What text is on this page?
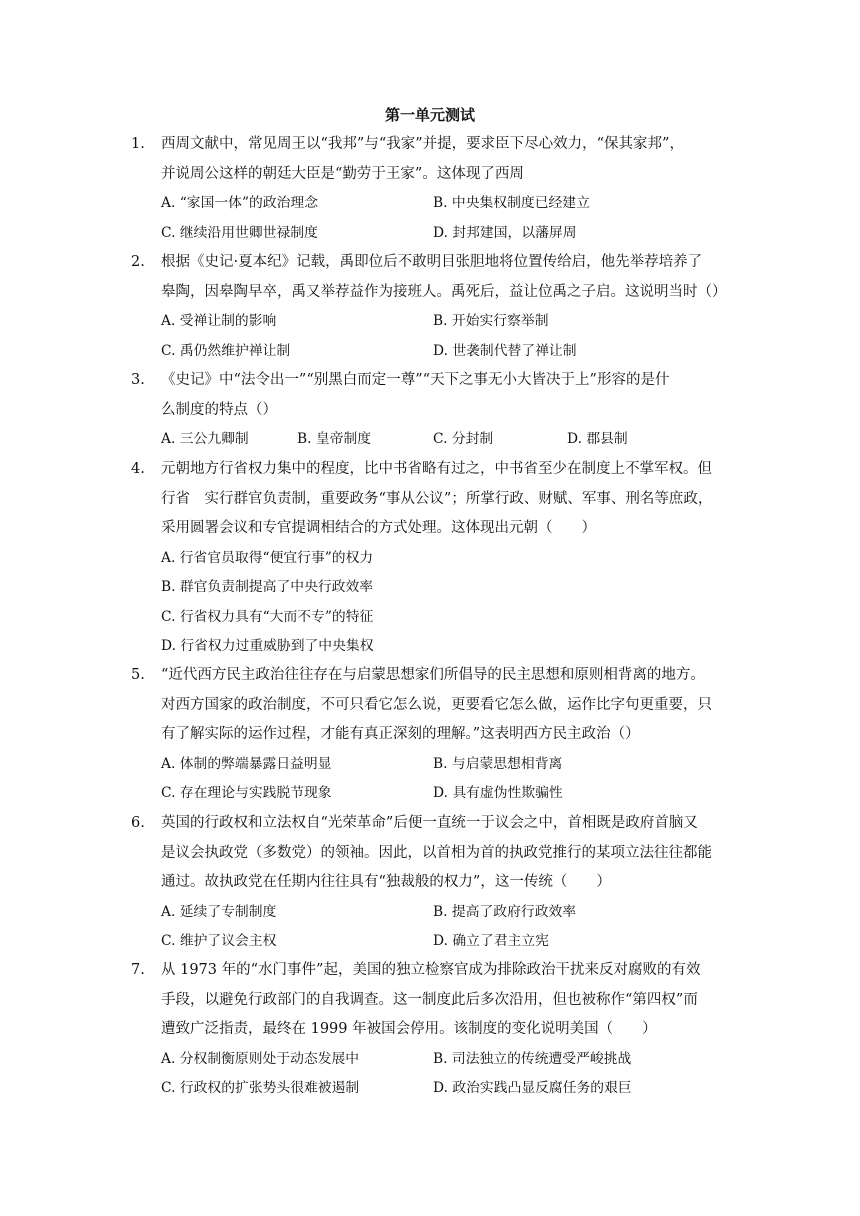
第一单元测试
1. 西周文献中，常见周王以“我邦”与“我家”并提，要求臣下尽心效力，“保其家邦”，
并说周公这样的朝廷大臣是“勤劳于王家”。这体现了西周
A. “家国一体”的政治理念	B. 中央集权制度已经建立
C. 继续沿用世卿世禄制度	D. 封邦建国，以藩屏周
2. 根据《史记·夏本纪》记载，禹即位后不敢明目张胆地将位置传给启，他先举荐培养了
皋陶，因皋陶早卒，禹又举荐益作为接班人。禹死后，益让位禹之子启。这说明当时（）
A. 受禅让制的影响	B. 开始实行察举制
C. 禹仍然维护禅让制	D. 世袭制代替了禅让制
3. 《史记》中“法令出一”“别黑白而定一尊”“天下之事无小大皆决于上”形容的是什
么制度的特点（）
A. 三公九卿制	B. 皇帝制度	C. 分封制	D. 郡县制
4. 元朝地方行省权力集中的程度，比中书省略有过之，中书省至少在制度上不掌军权。但
行省　实行群官负责制，重要政务“事从公议”；所掌行政、财赋、军事、刑名等庶政，
采用圆署会议和专官提调相结合的方式处理。这体现出元朝（　　）
A. 行省官员取得“便宜行事”的权力
B. 群官负责制提高了中央行政效率
C. 行省权力具有“大而不专”的特征
D. 行省权力过重威胁到了中央集权
5. “近代西方民主政治往往存在与启蒙思想家们所倡导的民主思想和原则相背离的地方。
对西方国家的政治制度，不可只看它怎么说，更要看它怎么做，运作比字句更重要，只
有了解实际的运作过程，才能有真正深刻的理解。”这表明西方民主政治（）
A. 体制的弊端暴露日益明显	B. 与启蒙思想相背离
C. 存在理论与实践脱节现象	D. 具有虚伪性欺骗性
6. 英国的行政权和立法权自“光荣革命”后便一直统一于议会之中，首相既是政府首脑又
是议会执政党（多数党）的领袖。因此，以首相为首的执政党推行的某项立法往往都能
通过。故执政党在任期内往往具有“独裁般的权力”，这一传统（　　）
A. 延续了专制制度	B. 提高了政府行政效率
C. 维护了议会主权	D. 确立了君主立宪
7. 从 1973 年的“水门事件”起，美国的独立检察官成为排除政治干扰来反对腐败的有效
手段，以避免行政部门的自我调查。这一制度此后多次沿用，但也被称作“第四权”而
遭致广泛指责，最终在 1999 年被国会停用。该制度的变化说明美国（　　）
A. 分权制衡原则处于动态发展中	B. 司法独立的传统遭受严峻挑战
C. 行政权的扩张势头很难被遏制	D. 政治实践凸显反腐任务的艰巨
